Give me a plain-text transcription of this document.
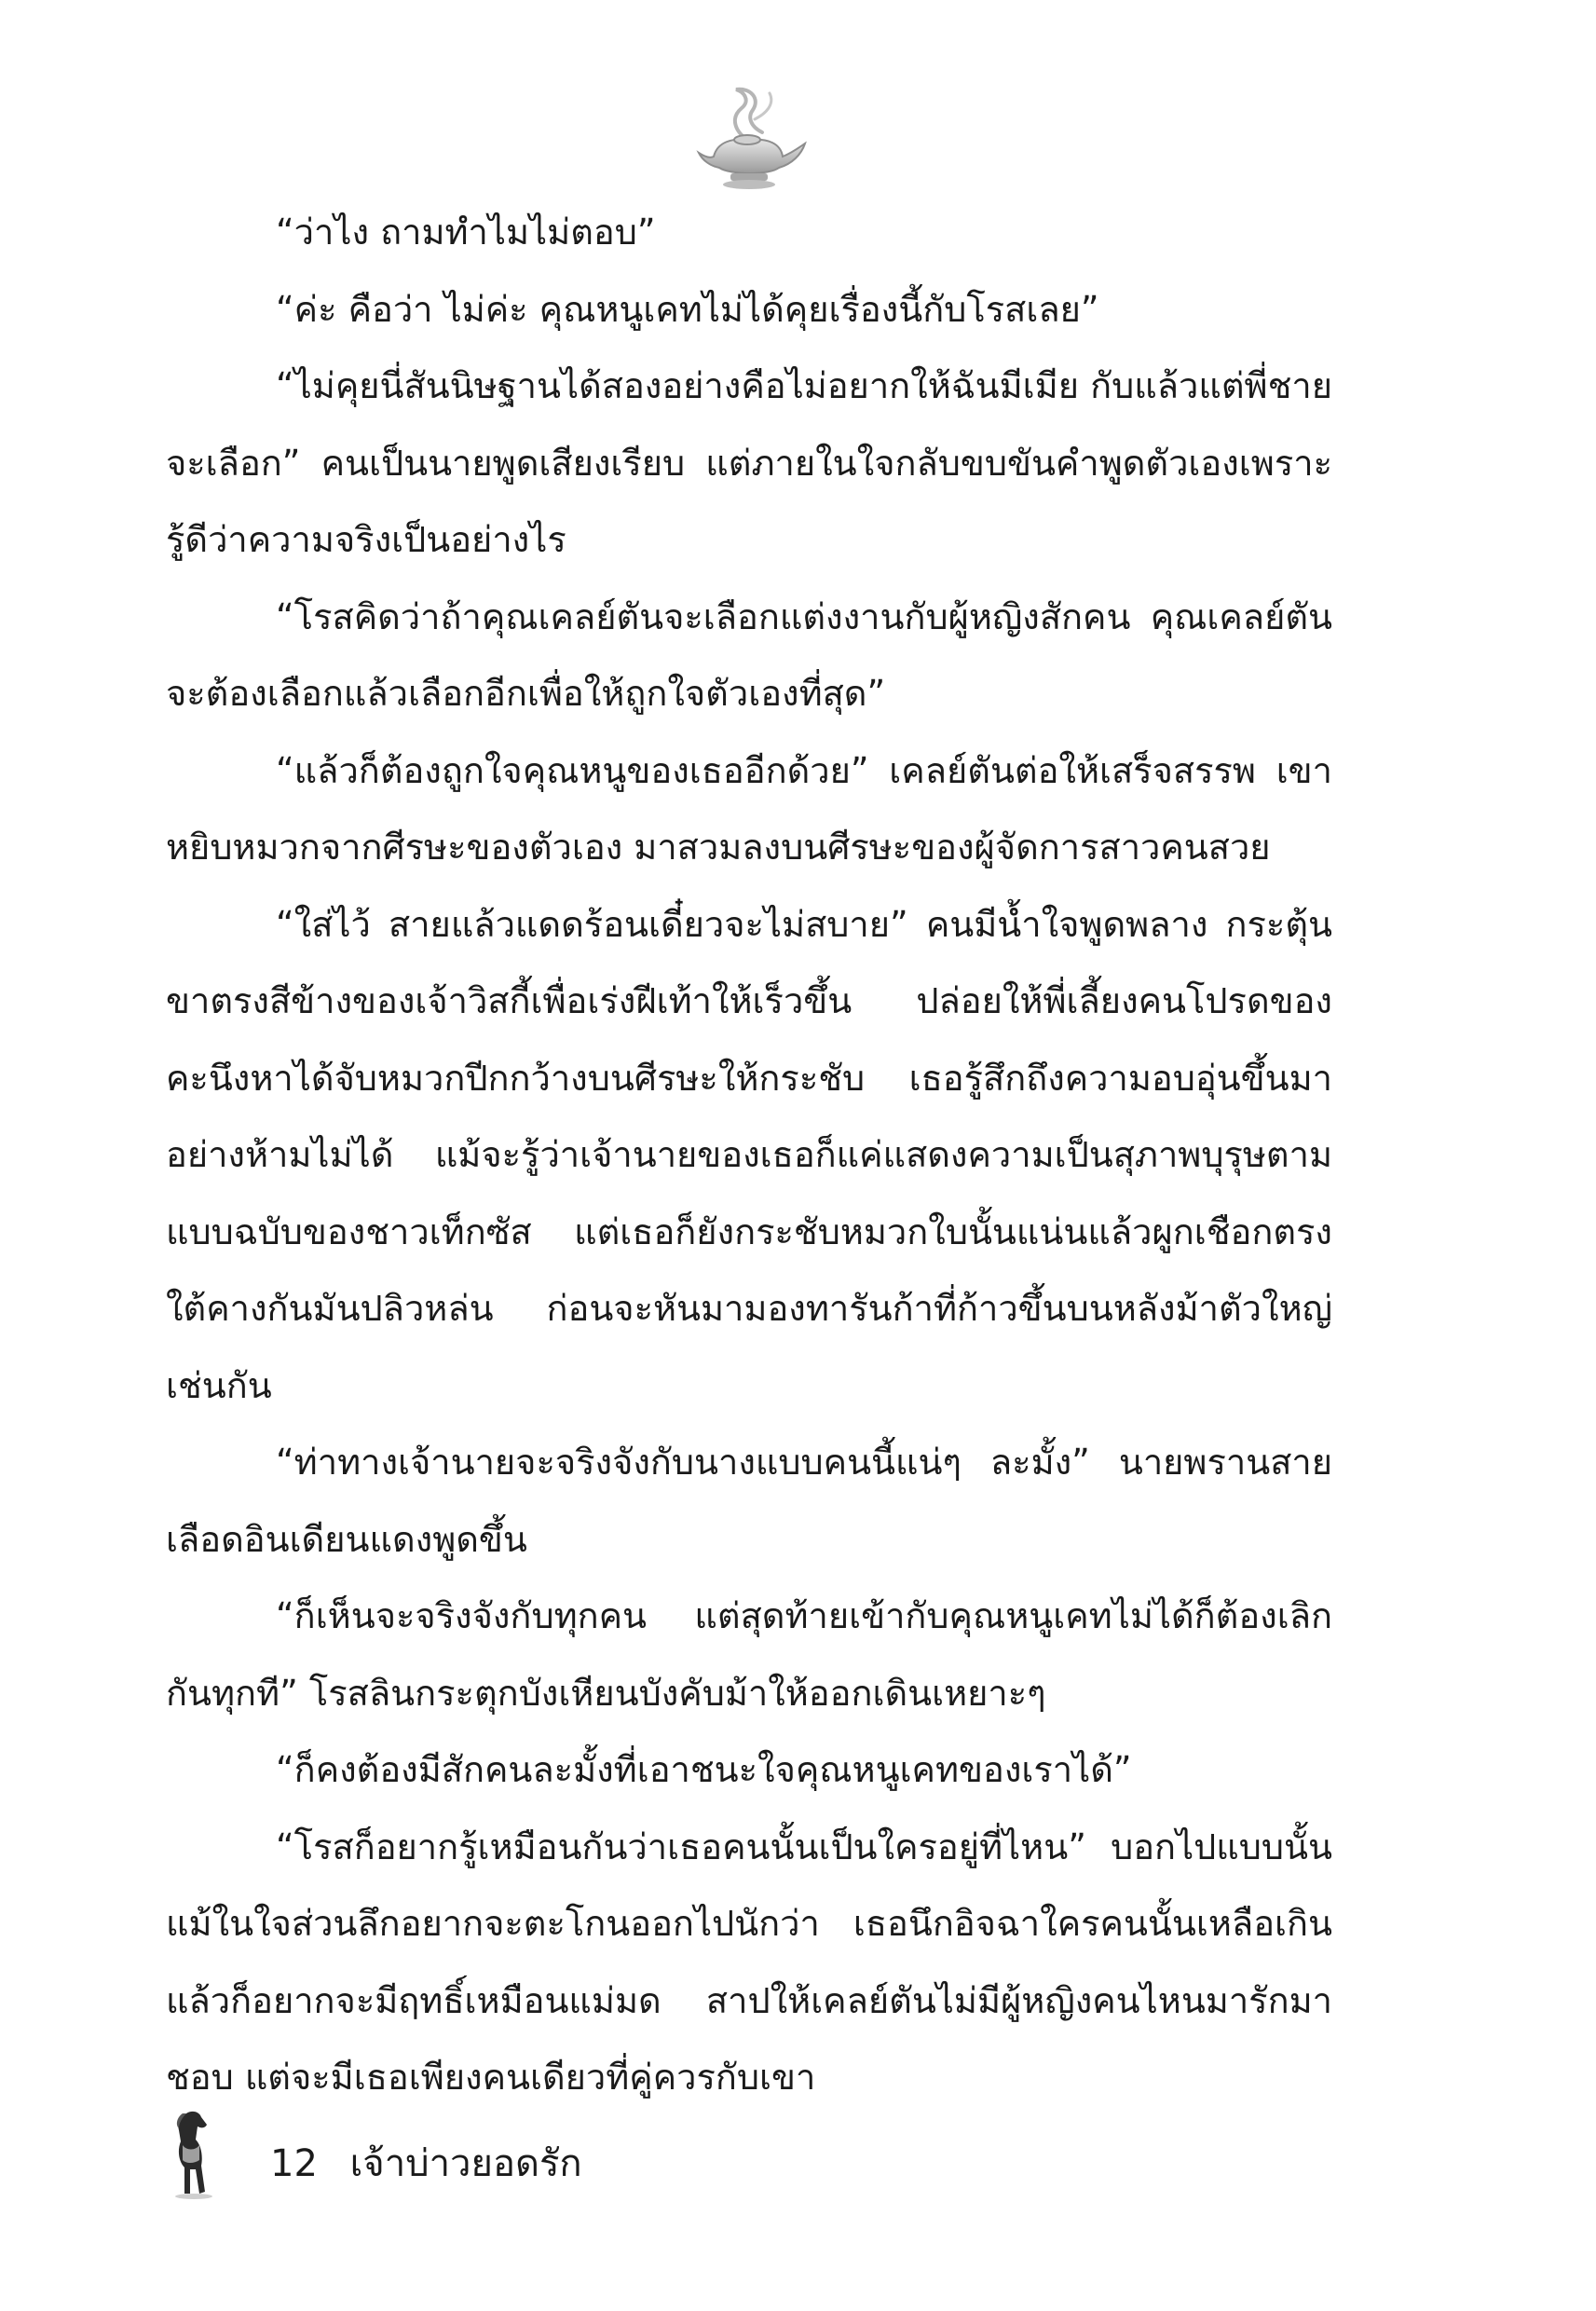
“ว่าไง ถามทำไมไม่ตอบ”

“ค่ะ คือว่า ไม่ค่ะ คุณหนูเคทไม่ได้คุยเรื่องนี้กับโรสเลย”

“ไม่คุยนี่สันนิษฐานได้สองอย่างคือไม่อยากให้ฉันมีเมีย กับแล้วแต่พี่ชายจะเลือก” คนเป็นนายพูดเสียงเรียบ แต่ภายในใจกลับขบขันคำพูดตัวเองเพราะรู้ดีว่าความจริงเป็นอย่างไร

“โรสคิดว่าถ้าคุณเคลย์ตันจะเลือกแต่งงานกับผู้หญิงสักคน คุณเคลย์ตันจะต้องเลือกแล้วเลือกอีกเพื่อให้ถูกใจตัวเองที่สุด”

“แล้วก็ต้องถูกใจคุณหนูของเธออีกด้วย” เคลย์ตันต่อให้เสร็จสรรพ เขาหยิบหมวกจากศีรษะของตัวเอง มาสวมลงบนศีรษะของผู้จัดการสาวคนสวย

“ใส่ไว้ สายแล้วแดดร้อนเดี๋ยวจะไม่สบาย” คนมีน้ำใจพูดพลาง กระตุ้นขาตรงสีข้างของเจ้าวิสกี้เพื่อเร่งฝีเท้าให้เร็วขึ้น ปล่อยให้พี่เลี้ยงคนโปรดของคะนึงหาได้จับหมวกปีกกว้างบนศีรษะให้กระชับ เธอรู้สึกถึงความอบอุ่นขึ้นมาอย่างห้ามไม่ได้ แม้จะรู้ว่าเจ้านายของเธอก็แค่แสดงความเป็นสุภาพบุรุษตามแบบฉบับของชาวเท็กซัส แต่เธอก็ยังกระชับหมวกใบนั้นแน่นแล้วผูกเชือกตรงใต้คางกันมันปลิวหล่น ก่อนจะหันมามองทารันก้าที่ก้าวขึ้นบนหลังม้าตัวใหญ่เช่นกัน

“ท่าทางเจ้านายจะจริงจังกับนางแบบคนนี้แน่ๆ ละมั้ง” นายพรานสายเลือดอินเดียนแดงพูดขึ้น

“ก็เห็นจะจริงจังกับทุกคน แต่สุดท้ายเข้ากับคุณหนูเคทไม่ได้ก็ต้องเลิกกันทุกที” โรสลินกระตุกบังเหียนบังคับม้าให้ออกเดินเหยาะๆ

“ก็คงต้องมีสักคนละมั้งที่เอาชนะใจคุณหนูเคทของเราได้”

“โรสก็อยากรู้เหมือนกันว่าเธอคนนั้นเป็นใครอยู่ที่ไหน” บอกไปแบบนั้น แม้ในใจส่วนลึกอยากจะตะโกนออกไปนักว่า เธอนึกอิจฉาใครคนนั้นเหลือเกิน แล้วก็อยากจะมีฤทธิ์เหมือนแม่มด สาปให้เคลย์ตันไม่มีผู้หญิงคนไหนมารักมาชอบ แต่จะมีเธอเพียงคนเดียวที่คู่ควรกับเขา

12 เจ้าบ่าวยอดรัก
